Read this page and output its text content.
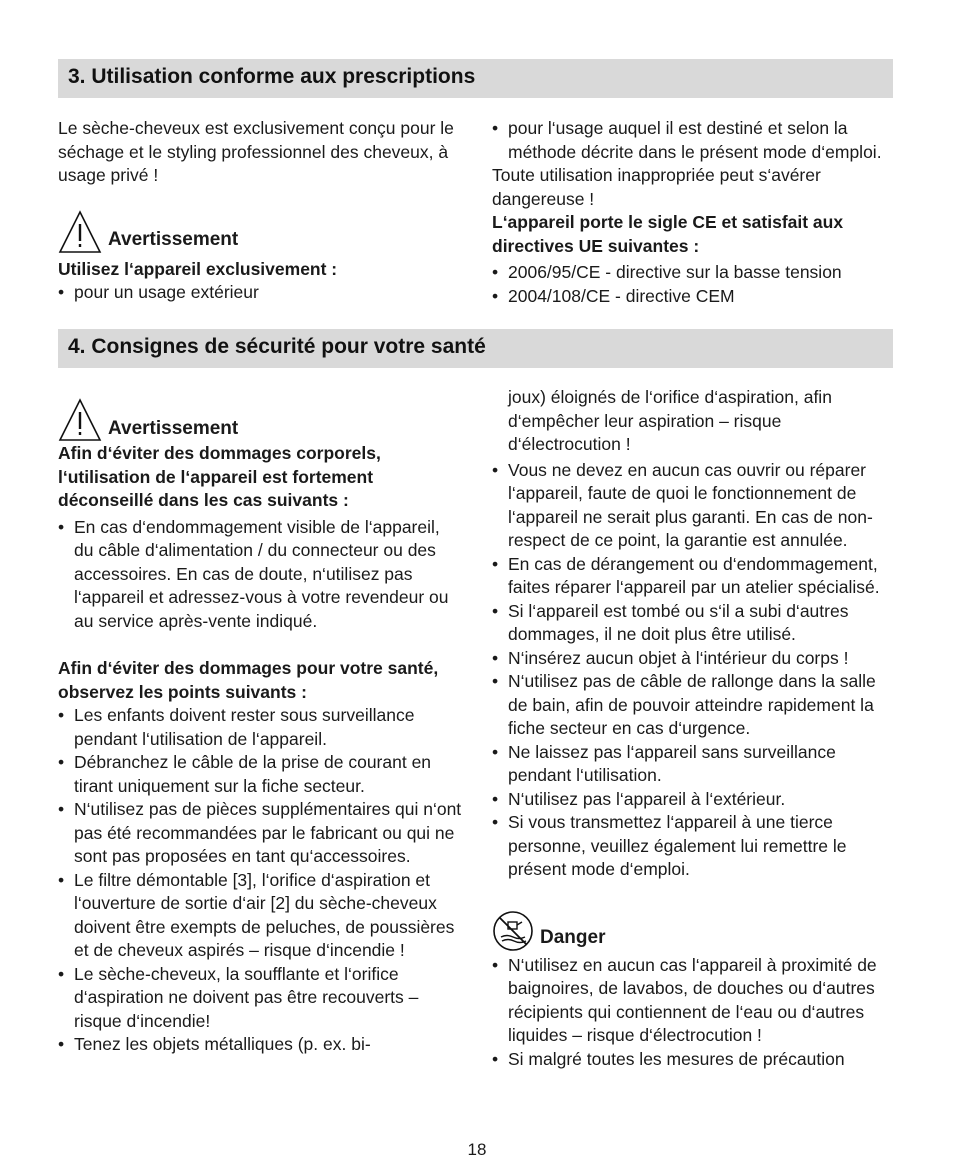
3. Utilisation conforme aux prescriptions

Le sèche-cheveux est exclusivement conçu pour le séchage et le styling professionnel des cheveux, à usage privé !

Avertissement

Utilisez l‘appareil exclusivement :

• pour un usage extérieur
• pour l‘usage auquel il est destiné et selon la méthode décrite dans le présent mode d‘emploi.

Toute utilisation inappropriée peut s‘avérer dangereuse !

L‘appareil porte le sigle CE et satisfait aux directives UE suivantes :

• 2006/95/CE - directive sur la basse tension
• 2004/108/CE - directive CEM
4. Consignes de sécurité pour votre santé
Avertissement

Afin d‘éviter des dommages corporels, l‘utilisation de l‘appareil est fortement déconseillé dans les cas suivants :

• En cas d‘endommagement visible de l‘appareil, du câble d‘alimentation / du connecteur ou des accessoires. En cas de doute, n‘utilisez pas l‘appareil et adressez-vous à votre revendeur ou au service après-vente indiqué.

Afin d‘éviter des dommages pour votre santé, observez les points suivants :

• Les enfants doivent rester sous surveillance pendant l‘utilisation de l‘appareil.
• Débranchez le câble de la prise de courant en tirant uniquement sur la fiche secteur.
• N‘utilisez pas de pièces supplémentaires qui n‘ont pas été recommandées par le fabricant ou qui ne sont pas proposées en tant qu‘accessoires.
• Le filtre démontable [3], l‘orifice d‘aspiration et l‘ouverture de sortie d‘air [2] du sèche-cheveux doivent être exempts de peluches, de poussières et de cheveux aspirés – risque d‘incendie !
• Le sèche-cheveux, la soufflante et l‘orifice d‘aspiration ne doivent pas être recouverts – risque d‘incendie!
• Tenez les objets métalliques (p. ex. bi-

joux) éloignés de l‘orifice d‘aspiration, afin d‘empêcher leur aspiration – risque d‘électrocution !

• Vous ne devez en aucun cas ouvrir ou réparer l‘appareil, faute de quoi le fonctionnement de l‘appareil ne serait plus garanti. En cas de non-respect de ce point, la garantie est annulée.
• En cas de dérangement ou d‘endommagement, faites réparer l‘appareil par un atelier spécialisé.
• Si l‘appareil est tombé ou s‘il a subi d‘autres dommages, il ne doit plus être utilisé.
• N‘insérez aucun objet à l‘intérieur du corps !
• N‘utilisez pas de câble de rallonge dans la salle de bain, afin de pouvoir atteindre rapidement la fiche secteur en cas d‘urgence.
• Ne laissez pas l‘appareil sans surveillance pendant l‘utilisation.
• N‘utilisez pas l‘appareil à l‘extérieur.
• Si vous transmettez l‘appareil à une tierce personne, veuillez également lui remettre le présent mode d‘emploi.
Danger
• N‘utilisez en aucun cas l‘appareil à proximité de baignoires, de lavabos, de douches ou d‘autres récipients qui contiennent de l‘eau ou d‘autres liquides – risque d‘électrocution !
• Si malgré toutes les mesures de précaution
18
